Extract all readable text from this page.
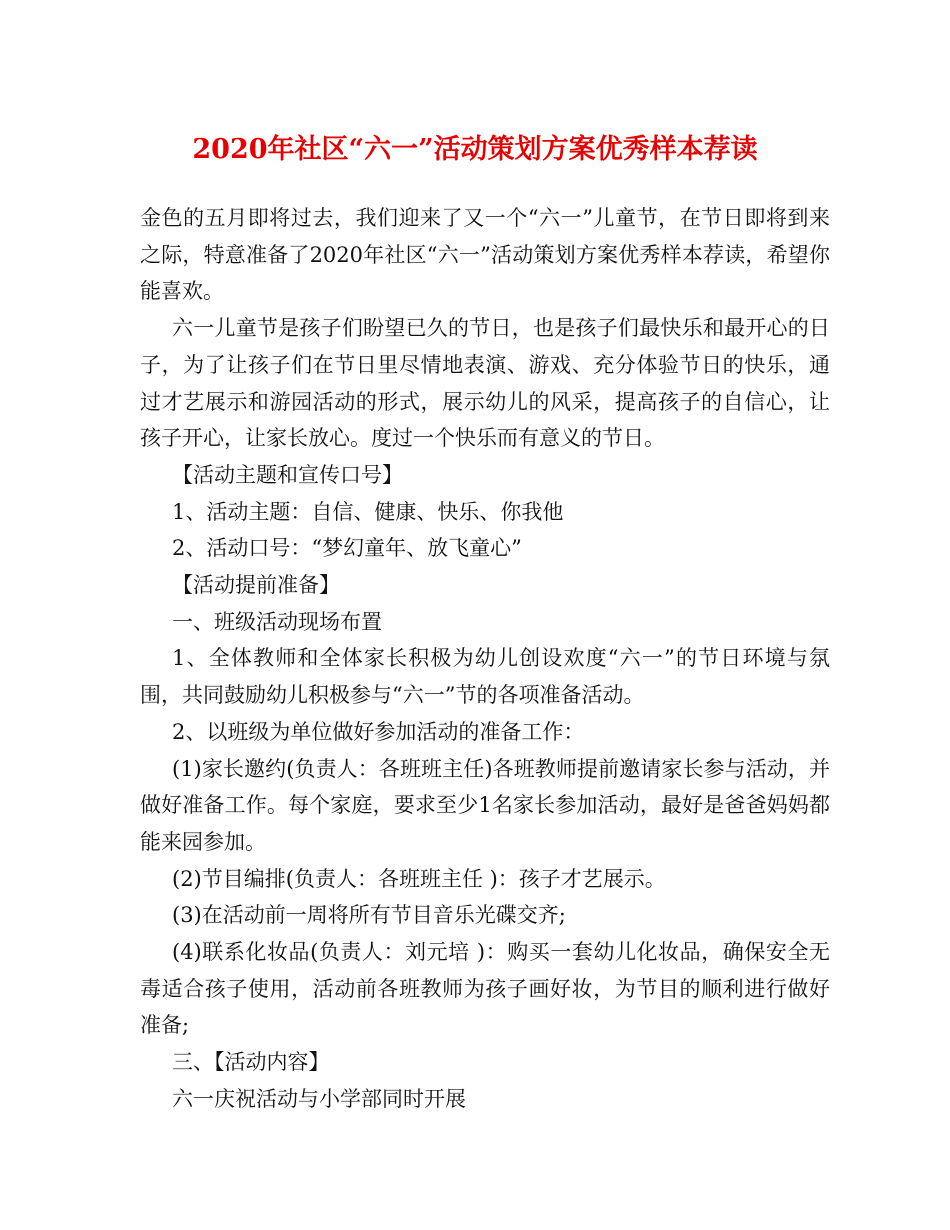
2020年社区“六一”活动策划方案优秀样本荐读

金色的五月即将过去，我们迎来了又一个“六一”儿童节，在节日即将到来之际，特意准备了2020年社区“六一”活动策划方案优秀样本荐读，希望你能喜欢。

六一儿童节是孩子们盼望已久的节日，也是孩子们最快乐和最开心的日子，为了让孩子们在节日里尽情地表演、游戏、充分体验节日的快乐，通过才艺展示和游园活动的形式，展示幼儿的风采，提高孩子的自信心，让孩子开心，让家长放心。度过一个快乐而有意义的节日。

【活动主题和宣传口号】

1、活动主题：自信、健康、快乐、你我他

2、活动口号：“梦幻童年、放飞童心”

【活动提前准备】

一、班级活动现场布置

1、全体教师和全体家长积极为幼儿创设欢度“六一”的节日环境与氛围，共同鼓励幼儿积极参与“六一”节的各项准备活动。

2、以班级为单位做好参加活动的准备工作：

(1)家长邀约(负责人：各班班主任)各班教师提前邀请家长参与活动，并做好准备工作。每个家庭，要求至少1名家长参加活动，最好是爸爸妈妈都能来园参加。

(2)节目编排(负责人：各班班主任 )：孩子才艺展示。

(3)在活动前一周将所有节目音乐光碟交齐;

(4)联系化妆品(负责人：刘元培 )：购买一套幼儿化妆品，确保安全无毒适合孩子使用，活动前各班教师为孩子画好妆，为节目的顺利进行做好准备;

三、【活动内容】

六一庆祝活动与小学部同时开展
